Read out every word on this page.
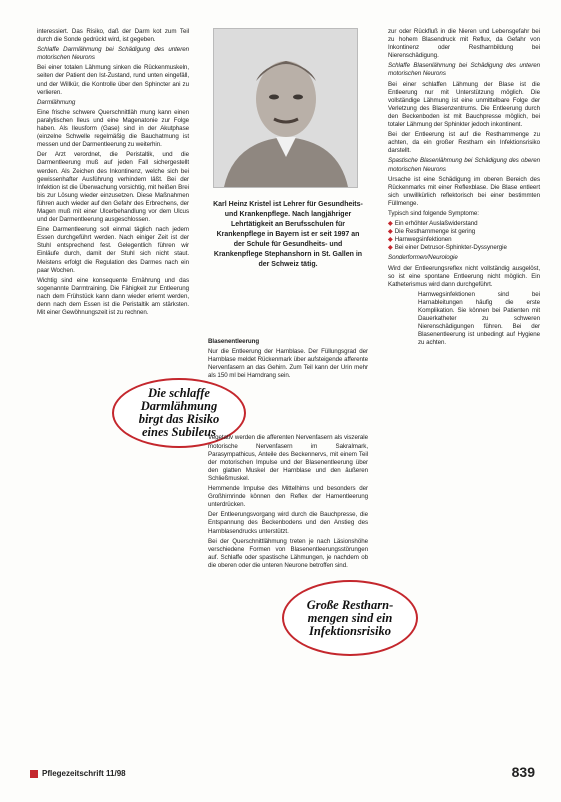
interessiert. Das Risiko, daß der Darm kot zum Teil durch die Sonde gedrückt wird, ist gegeben.

Schlaffe Darmlähmung bei Schädigung des unteren motorischen Neurons

Bei einer totalen Lähmung sinken die Rückenmuskeln, seiten der Patient den Ist-Zustand, rund unten eingefäll, und der Willkür, die Kontrolle über den Sphincter ani zu verlieren.

Darmlähmung

Eine frische schwere Querschnittläh mung kann einen paralytischen Ileus und eine Magenatonie zur Folge haben. Als Ileusform (Gase) sind in der Akutphase (einzelne Schwelle regelmäßig die Bauchatmung ist messen und der Darmentleerung zu weiterhin.

Der Arzt verordnet, die Peristaltik, und die Darmentleerung muß auf jeden Fall sichergestellt werden. Als Zeichen des Inkontinenz, welche sich bei gewissenhafter Ausführung verhindern läßt. Bei der Infektion ist die Überwachung vorsichtig, mit heißen Brei bis zur Lösung wieder einzusetzen. Diese Maßnahmen führen auch wieder auf den Gefahr des Erbrechens, der Magen muß mit einer Ulcerbehandlung vor dem Ulcus und der Darmentleerung ausgeschlossen.

Eine Darmentleerung soll einmal täglich nach jedem Essen durchgeführt werden. Nach einiger Zeit ist der Stuhl entsprechend fest. Gelegentlich führen wir Einläufe durch, damit der Stuhl sich nicht staut. Meistens erfolgt die Regulation des Darmes nach ein paar Wochen.

Wichtig sind eine konsequente Ernährung und das sogenannte Darmtraining. Die Fähigkeit zur Entleerung nach dem Frühstück kann dann wieder erlernt werden, denn nach dem Essen ist die Peristaltik am stärksten. Mit einer Gewöhnungszeit ist zu rechnen.

Karl Heinz Kristel ist Lehrer für Gesundheits- und Krankenpflege. Nach langjähriger Lehrtätigkeit an Berufsschulen für Krankenpflege in Bayern ist er seit 1997 an der Schule für Gesundheits- und Krankenpflege Stephanshorn in St. Gallen in der Schweiz tätig.
Die schlaffe
Darmlähmung
birgt das Risiko
eines Subileus

Blasenentleerung

Nur die Entleerung der Harnblase. Der Füllungsgrad der Harnblase meldet Rückenmark über aufsteigende afferente Nervenfasern an das Gehirn. Zum Teil kann der Urin mehr als 150 ml bei Harndrang sein.

Vegetativ werden die afferenten Nervenfasern als viszerale motorische Nervenfasern im Sakralmark, Parasympathicus, Anteile des Beckennervs, mit einem Teil der motorischen Impulse und der Blasenentleerung über den glatten Muskel der Harnblase und den äußeren Schließmuskel.

Hemmende Impulse des Mittelhirns und besonders der Großhirnrinde können den Reflex der Harnentleerung unterdrücken.

Der Entleerungsvorgang wird durch die Bauchpresse, die Entspannung des Beckenbodens und den Anstieg des Harnblasendrucks unterstützt.

Bei der Querschnittlähmung treten je nach Läsionshöhe verschiedene Formen von Blasenentleerungsstörungen auf. Schlaffe oder spastische Lähmungen, je nachdem ob die oberen oder die unteren Neurone betroffen sind.

Große Restharn-
mengen sind ein
Infektionsrisiko

zur oder Rückfluß in die Nieren und Lebensgefahr bei zu hohem Blasendruck mit Reflux, da Gefahr von Inkontinenz oder Restharnbildung bei Nierenschädigung.

Schlaffe Blasenlähmung bei Schädigung des unteren motorischen Neurons

Bei einer schlaffen Lähmung der Blase ist die Entleerung nur mit Unterstützung möglich. Die vollständige Lähmung ist eine unmittelbare Folge der Verletzung des Blasenzentrums. Die Entleerung durch den Beckenboden ist mit Bauchpresse möglich, bei totaler Lähmung der Sphinkter jedoch inkontinent.

Bei der Entleerung ist auf die Restharnmenge zu achten, da ein großer Restharn ein Infektionsrisiko darstellt.

Spastische Blasenlähmung bei Schädigung des oberen motorischen Neurons

Ursache ist eine Schädigung im oberen Bereich des Rückenmarks mit einer Reflexblase. Die Blase entleert sich unwillkürlich reflektorisch bei einer bestimmten Füllmenge.

Typisch sind folgende Symptome:

◆ Ein erhöhter Auslaßwiderstand
◆ Die Restharnmenge ist gering
◆ Harnwegsinfektionen
◆ Bei einer Detrusor-Sphinkter-Dyssynergie

Sonderformen/Neurologie

Wird der Entleerungsreflex nicht vollständig ausgelöst, so ist eine spontane Entleerung nicht möglich. Ein Katheterismus wird dann durchgeführt.

Harnwegsinfektionen sind bei Harnableitungen häufig die erste Komplikation. Sie können bei Patienten mit Dauerkatheter zu schweren Nierenschädigungen führen. Bei der Blasenentleerung ist unbedingt auf Hygiene zu achten.

Pflegezeitschrift 11/98	839
